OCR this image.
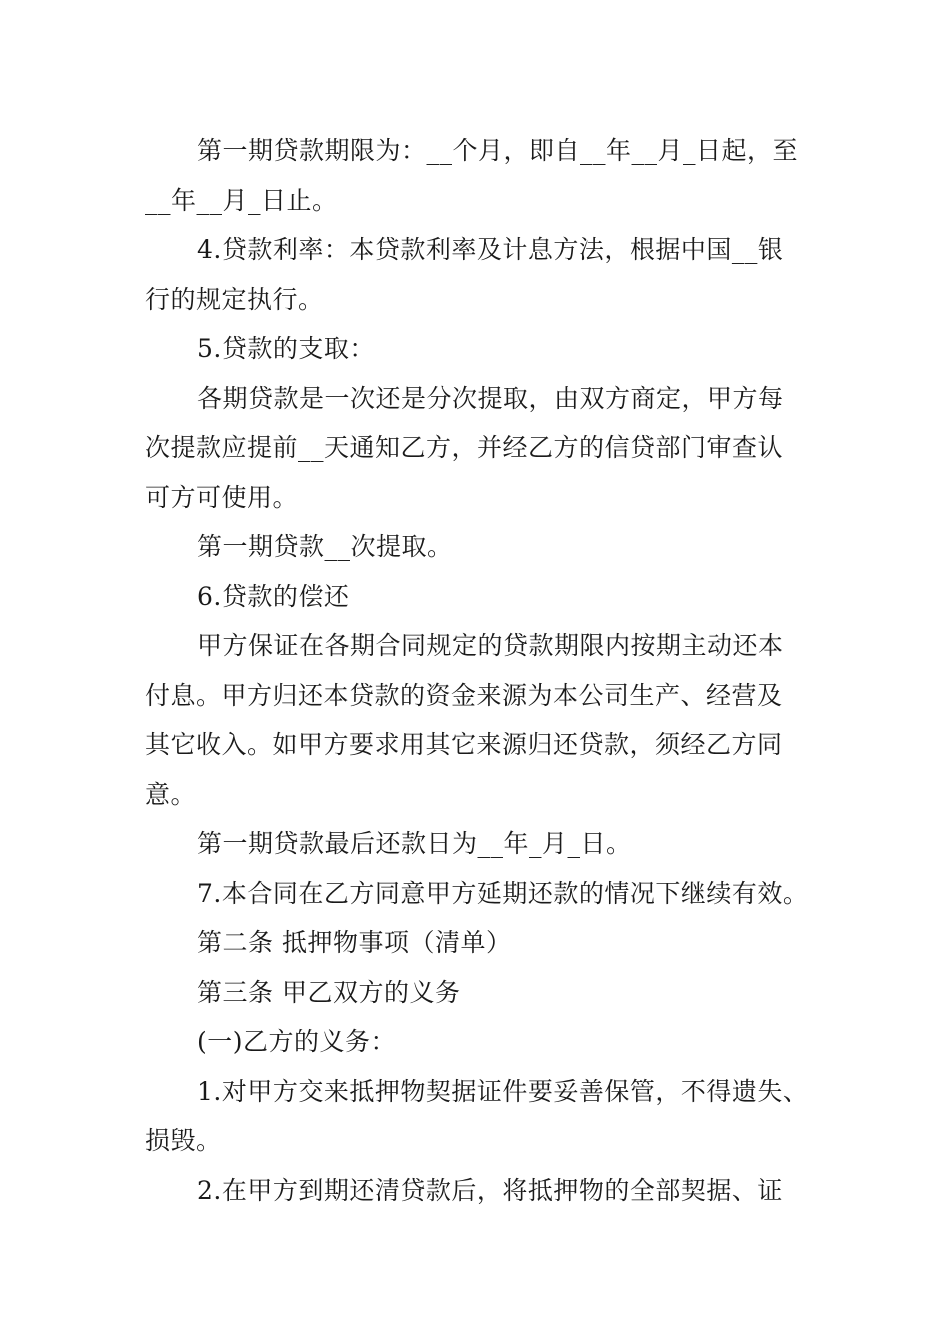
第一期贷款期限为：__个月，即自__年__月_日起，至
__年__月_日止。
4.贷款利率：本贷款利率及计息方法，根据中国__银
行的规定执行。
5.贷款的支取：
各期贷款是一次还是分次提取，由双方商定，甲方每
次提款应提前__天通知乙方，并经乙方的信贷部门审查认
可方可使用。
第一期贷款__次提取。
6.贷款的偿还
甲方保证在各期合同规定的贷款期限内按期主动还本
付息。甲方归还本贷款的资金来源为本公司生产、经营及
其它收入。如甲方要求用其它来源归还贷款，须经乙方同
意。
第一期贷款最后还款日为__年_月_日。
7.本合同在乙方同意甲方延期还款的情况下继续有效。
第二条 抵押物事项（清单）
第三条 甲乙双方的义务
(一)乙方的义务：
1.对甲方交来抵押物契据证件要妥善保管，不得遗失、
损毁。
2.在甲方到期还清贷款后，将抵押物的全部契据、证
